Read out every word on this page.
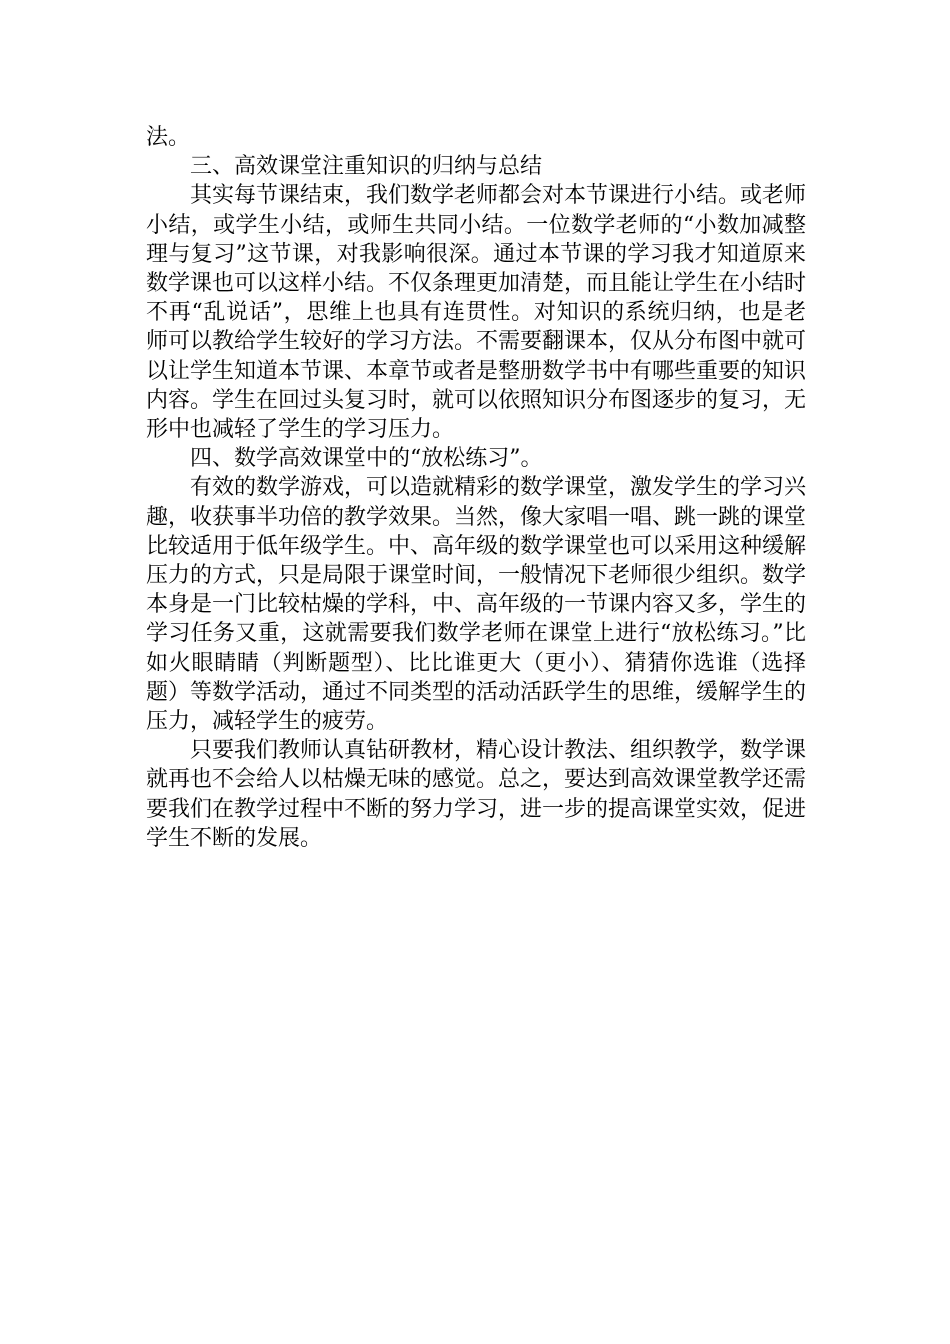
法。

三、高效课堂注重知识的归纳与总结

其实每节课结束，我们数学老师都会对本节课进行小结。或老师小结，或学生小结，或师生共同小结。一位数学老师的“小数加减整理与复习”这节课，对我影响很深。通过本节课的学习我才知道原来数学课也可以这样小结。不仅条理更加清楚，而且能让学生在小结时不再“乱说话”，思维上也具有连贯性。对知识的系统归纳，也是老师可以教给学生较好的学习方法。不需要翻课本，仅从分布图中就可以让学生知道本节课、本章节或者是整册数学书中有哪些重要的知识内容。学生在回过头复习时，就可以依照知识分布图逐步的复习，无形中也减轻了学生的学习压力。

四、数学高效课堂中的“放松练习”。

有效的数学游戏，可以造就精彩的数学课堂，激发学生的学习兴趣，收获事半功倍的教学效果。当然，像大家唱一唱、跳一跳的课堂比较适用于低年级学生。中、高年级的数学课堂也可以采用这种缓解压力的方式，只是局限于课堂时间，一般情况下老师很少组织。数学本身是一门比较枯燥的学科，中、高年级的一节课内容又多，学生的学习任务又重，这就需要我们数学老师在课堂上进行“放松练习。”比如火眼睛睛（判断题型）、比比谁更大（更小）、猜猜你选谁（选择题）等数学活动，通过不同类型的活动活跃学生的思维，缓解学生的压力，减轻学生的疲劳。

只要我们教师认真钻研教材，精心设计教法、组织教学，数学课就再也不会给人以枯燥无味的感觉。总之，要达到高效课堂教学还需要我们在教学过程中不断的努力学习，进一步的提高课堂实效，促进学生不断的发展。
